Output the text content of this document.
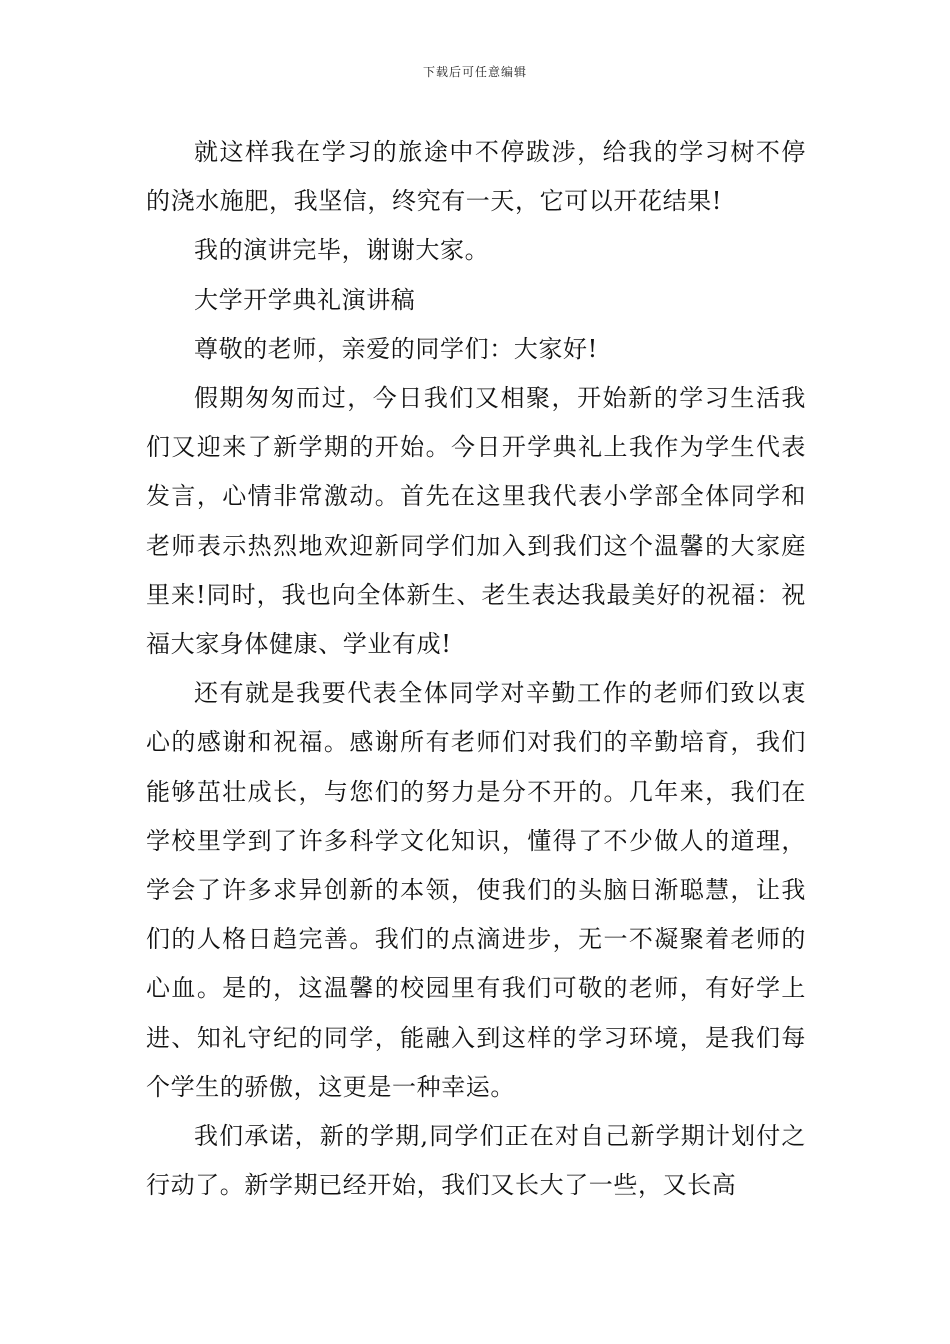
下载后可任意编辑

就这样我在学习的旅途中不停跋涉，给我的学习树不停的浇水施肥，我坚信，终究有一天，它可以开花结果!

我的演讲完毕，谢谢大家。

大学开学典礼演讲稿

尊敬的老师，亲爱的同学们：大家好!

假期匆匆而过，今日我们又相聚，开始新的学习生活我们又迎来了新学期的开始。今日开学典礼上我作为学生代表发言，心情非常激动。首先在这里我代表小学部全体同学和老师表示热烈地欢迎新同学们加入到我们这个温馨的大家庭里来!同时，我也向全体新生、老生表达我最美好的祝福：祝福大家身体健康、学业有成!

还有就是我要代表全体同学对辛勤工作的老师们致以衷心的感谢和祝福。感谢所有老师们对我们的辛勤培育，我们能够茁壮成长，与您们的努力是分不开的。几年来，我们在学校里学到了许多科学文化知识，懂得了不少做人的道理，学会了许多求异创新的本领，使我们的头脑日渐聪慧，让我们的人格日趋完善。我们的点滴进步，无一不凝聚着老师的心血。是的，这温馨的校园里有我们可敬的老师，有好学上进、知礼守纪的同学，能融入到这样的学习环境，是我们每个学生的骄傲，这更是一种幸运。

我们承诺，新的学期,同学们正在对自己新学期计划付之行动了。新学期已经开始，我们又长大了一些，又长高
